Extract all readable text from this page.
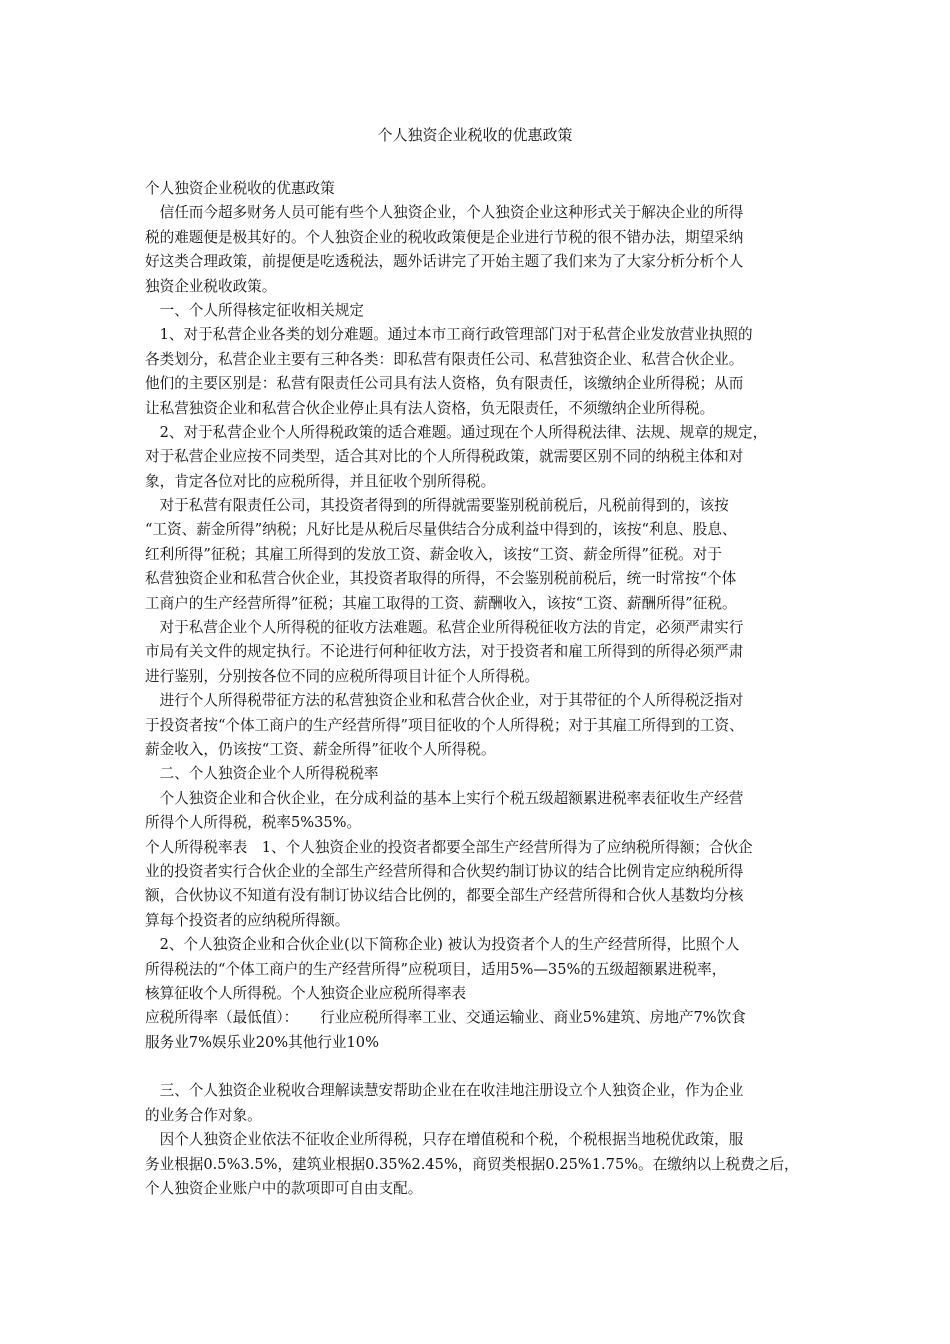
个人独资企业税收的优惠政策
个人独资企业税收的优惠政策
　信任而今超多财务人员可能有些个人独资企业，个人独资企业这种形式关于解决企业的所得
税的难题便是极其好的。个人独资企业的税收政策便是企业进行节税的很不错办法，期望采纳
好这类合理政策，前提便是吃透税法，题外话讲完了开始主题了我们来为了大家分析分析个人
独资企业税收政策。
　一、个人所得核定征收相关规定
　1、对于私营企业各类的划分难题。通过本市工商行政管理部门对于私营企业发放营业执照的
各类划分，私营企业主要有三种各类：即私营有限责任公司、私营独资企业、私营合伙企业。
他们的主要区别是：私营有限责任公司具有法人资格，负有限责任，该缴纳企业所得税；从而
让私营独资企业和私营合伙企业停止具有法人资格，负无限责任，不须缴纳企业所得税。
　2、对于私营企业个人所得税政策的适合难题。通过现在个人所得税法律、法规、规章的规定，
对于私营企业应按不同类型，适合其对比的个人所得税政策，就需要区别不同的纳税主体和对
象，肯定各位对比的应税所得，并且征收个别所得税。
　对于私营有限责任公司，其投资者得到的所得就需要鉴别税前税后，凡税前得到的，该按
“工资、薪金所得”纳税；凡好比是从税后尽量供结合分成利益中得到的，该按“利息、股息、
红利所得”征税；其雇工所得到的发放工资、薪金收入，该按“工资、薪金所得”征税。对于
私营独资企业和私营合伙企业，其投资者取得的所得，不会鉴别税前税后，统一时常按“个体
工商户的生产经营所得”征税；其雇工取得的工资、薪酬收入，该按“工资、薪酬所得”征税。
　对于私营企业个人所得税的征收方法难题。私营企业所得税征收方法的肯定，必须严肃实行
市局有关文件的规定执行。不论进行何种征收方法，对于投资者和雇工所得到的所得必须严肃
进行鉴别，分别按各位不同的应税所得项目计征个人所得税。
　进行个人所得税带征方法的私营独资企业和私营合伙企业，对于其带征的个人所得税泛指对
于投资者按“个体工商户的生产经营所得”项目征收的个人所得税；对于其雇工所得到的工资、
薪金收入，仍该按“工资、薪金所得”征收个人所得税。
　二、个人独资企业个人所得税税率
　个人独资企业和合伙企业，在分成利益的基本上实行个税五级超额累进税率表征收生产经营
所得个人所得税，税率5%35%。
个人所得税率表　1、个人独资企业的投资者都要全部生产经营所得为了应纳税所得额；合伙企
业的投资者实行合伙企业的全部生产经营所得和合伙契约制订协议的结合比例肯定应纳税所得
额，合伙协议不知道有没有制订协议结合比例的，都要全部生产经营所得和合伙人基数均分核
算每个投资者的应纳税所得额。
　2、个人独资企业和合伙企业(以下简称企业) 被认为投资者个人的生产经营所得，比照个人
所得税法的“个体工商户的生产经营所得”应税项目，适用5%—35%的五级超额累进税率，
核算征收个人所得税。个人独资企业应税所得率表
应税所得率（最低值）：　　行业应税所得率工业、交通运输业、商业5%建筑、房地产7%饮食
服务业7%娱乐业20%其他行业10%
　三、个人独资企业税收合理解读慧安帮助企业在在收洼地注册设立个人独资企业，作为企业
的业务合作对象。
　因个人独资企业依法不征收企业所得税，只存在增值税和个税，个税根据当地税优政策，服
务业根据0.5%3.5%，建筑业根据0.35%2.45%，商贸类根据0.25%1.75%。在缴纳以上税费之后，
个人独资企业账户中的款项即可自由支配。
